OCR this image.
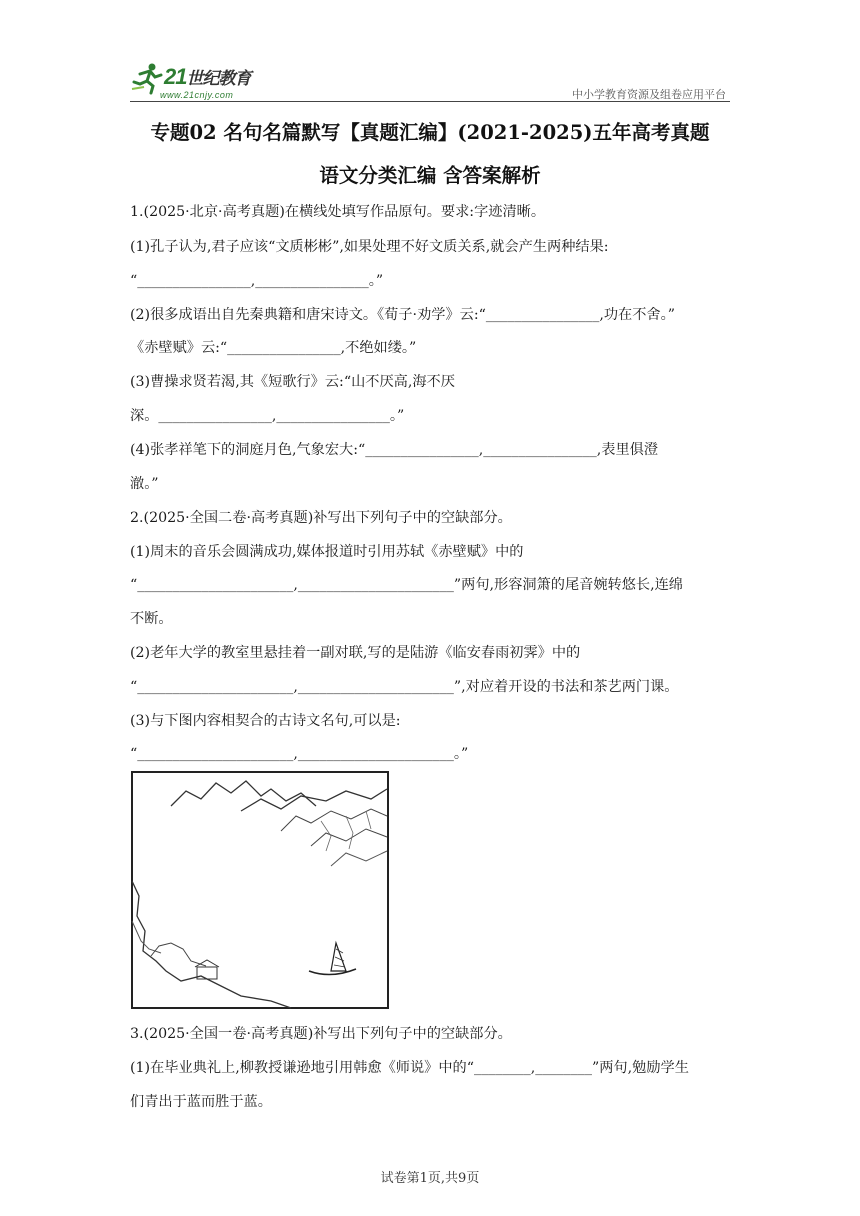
21世纪教育
www.21cnjy.com	中小学教育资源及组卷应用平台
专题02 名句名篇默写【真题汇编】(2021-2025)五年高考真题
语文分类汇编 含答案解析
1.(2025·北京·高考真题)在横线处填写作品原句。要求:字迹清晰。
(1)孔子认为,君子应该“文质彬彬”,如果处理不好文质关系,就会产生两种结果:
“________________,________________。”
(2)很多成语出自先秦典籍和唐宋诗文。《荀子·劝学》云:“________________,功在不舍。”
《赤壁赋》云:“________________,不绝如缕。”
(3)曹操求贤若渴,其《短歌行》云:“山不厌高,海不厌
深。________________,________________。”
(4)张孝祥笔下的洞庭月色,气象宏大:“________________,________________,表里俱澄
澈。”
2.(2025·全国二卷·高考真题)补写出下列句子中的空缺部分。
(1)周末的音乐会圆满成功,媒体报道时引用苏轼《赤壁赋》中的
“______________________,______________________”两句,形容洞箫的尾音婉转悠长,连绵
不断。
(2)老年大学的教室里悬挂着一副对联,写的是陆游《临安春雨初霁》中的
“______________________,______________________”,对应着开设的书法和茶艺两门课。
(3)与下图内容相契合的古诗文名句,可以是:
“______________________,______________________。”
3.(2025·全国一卷·高考真题)补写出下列句子中的空缺部分。
(1)在毕业典礼上,柳教授谦逊地引用韩愈《师说》中的“________,________”两句,勉励学生
们青出于蓝而胜于蓝。
试卷第1页,共9页
